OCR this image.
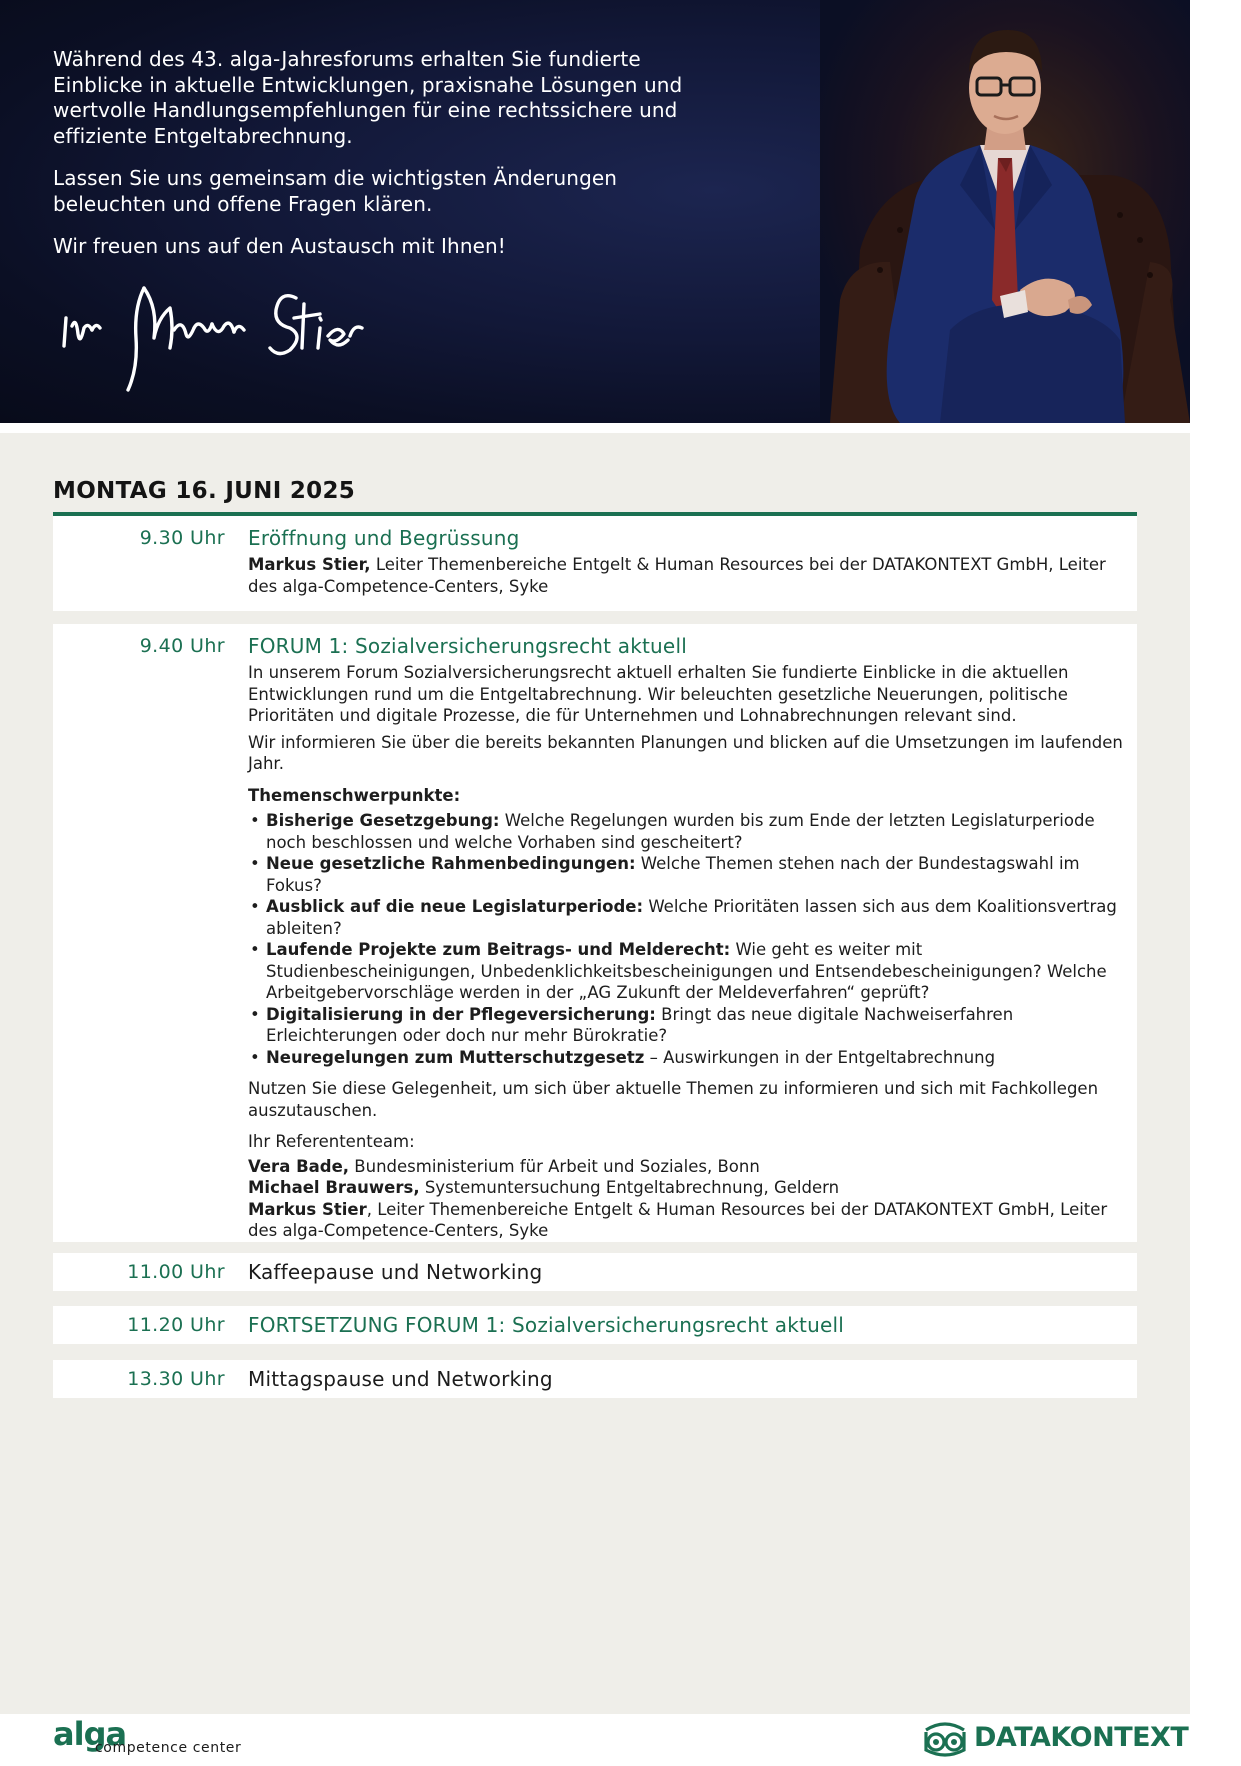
Während des 43. alga-Jahresforums erhalten Sie fundierte Einblicke in aktuelle Entwicklungen, praxisnahe Lösungen und wertvolle Handlungsempfehlungen für eine rechtssichere und effiziente Entgeltabrechnung.

Lassen Sie uns gemeinsam die wichtigsten Änderungen beleuchten und offene Fragen klären.

Wir freuen uns auf den Austausch mit Ihnen!

MONTAG 16. JUNI 2025
9.30 Uhr Eröffnung und Begrüssung

Markus Stier, Leiter Themenbereiche Entgelt & Human Resources bei der DATAKONTEXT GmbH, Leiter des alga-Competence-Centers, Syke

9.40 Uhr FORUM 1: Sozialversicherungsrecht aktuell

In unserem Forum Sozialversicherungsrecht aktuell erhalten Sie fundierte Einblicke in die aktuellen Entwicklungen rund um die Entgeltabrechnung. Wir beleuchten gesetzliche Neuerungen, politische Prioritäten und digitale Prozesse, die für Unternehmen und Lohnabrechnungen relevant sind.

Wir informieren Sie über die bereits bekannten Planungen und blicken auf die Umsetzungen im laufenden Jahr.

Themenschwerpunkte:

• Bisherige Gesetzgebung: Welche Regelungen wurden bis zum Ende der letzten Legislaturperiode noch beschlossen und welche Vorhaben sind gescheitert?
• Neue gesetzliche Rahmenbedingungen: Welche Themen stehen nach der Bundestagswahl im Fokus?
• Ausblick auf die neue Legislaturperiode: Welche Prioritäten lassen sich aus dem Koalitionsvertrag ableiten?
• Laufende Projekte zum Beitrags- und Melderecht: Wie geht es weiter mit Studienbescheinigungen, Unbedenklichkeitsbescheinigungen und Entsendebescheinigungen? Welche Arbeitgebervorschläge werden in der „AG Zukunft der Meldeverfahren“ geprüft?
• Digitalisierung in der Pflegeversicherung: Bringt das neue digitale Nachweiserfahren Erleichterungen oder doch nur mehr Bürokratie?
• Neuregelungen zum Mutterschutzgesetz – Auswirkungen in der Entgeltabrechnung

Nutzen Sie diese Gelegenheit, um sich über aktuelle Themen zu informieren und sich mit Fachkollegen auszutauschen.

Ihr Referententeam:

Vera Bade, Bundesministerium für Arbeit und Soziales, Bonn
Michael Brauwers, Systemuntersuchung Entgeltabrechnung, Geldern
Markus Stier, Leiter Themenbereiche Entgelt & Human Resources bei der DATAKONTEXT GmbH, Leiter des alga-Competence-Centers, Syke
11.00 Uhr Kaffeepause und Networking
11.20 Uhr FORTSETZUNG FORUM 1: Sozialversicherungsrecht aktuell
13.30 Uhr Mittagspause und Networking
alga
competence center	DATAKONTEXT
